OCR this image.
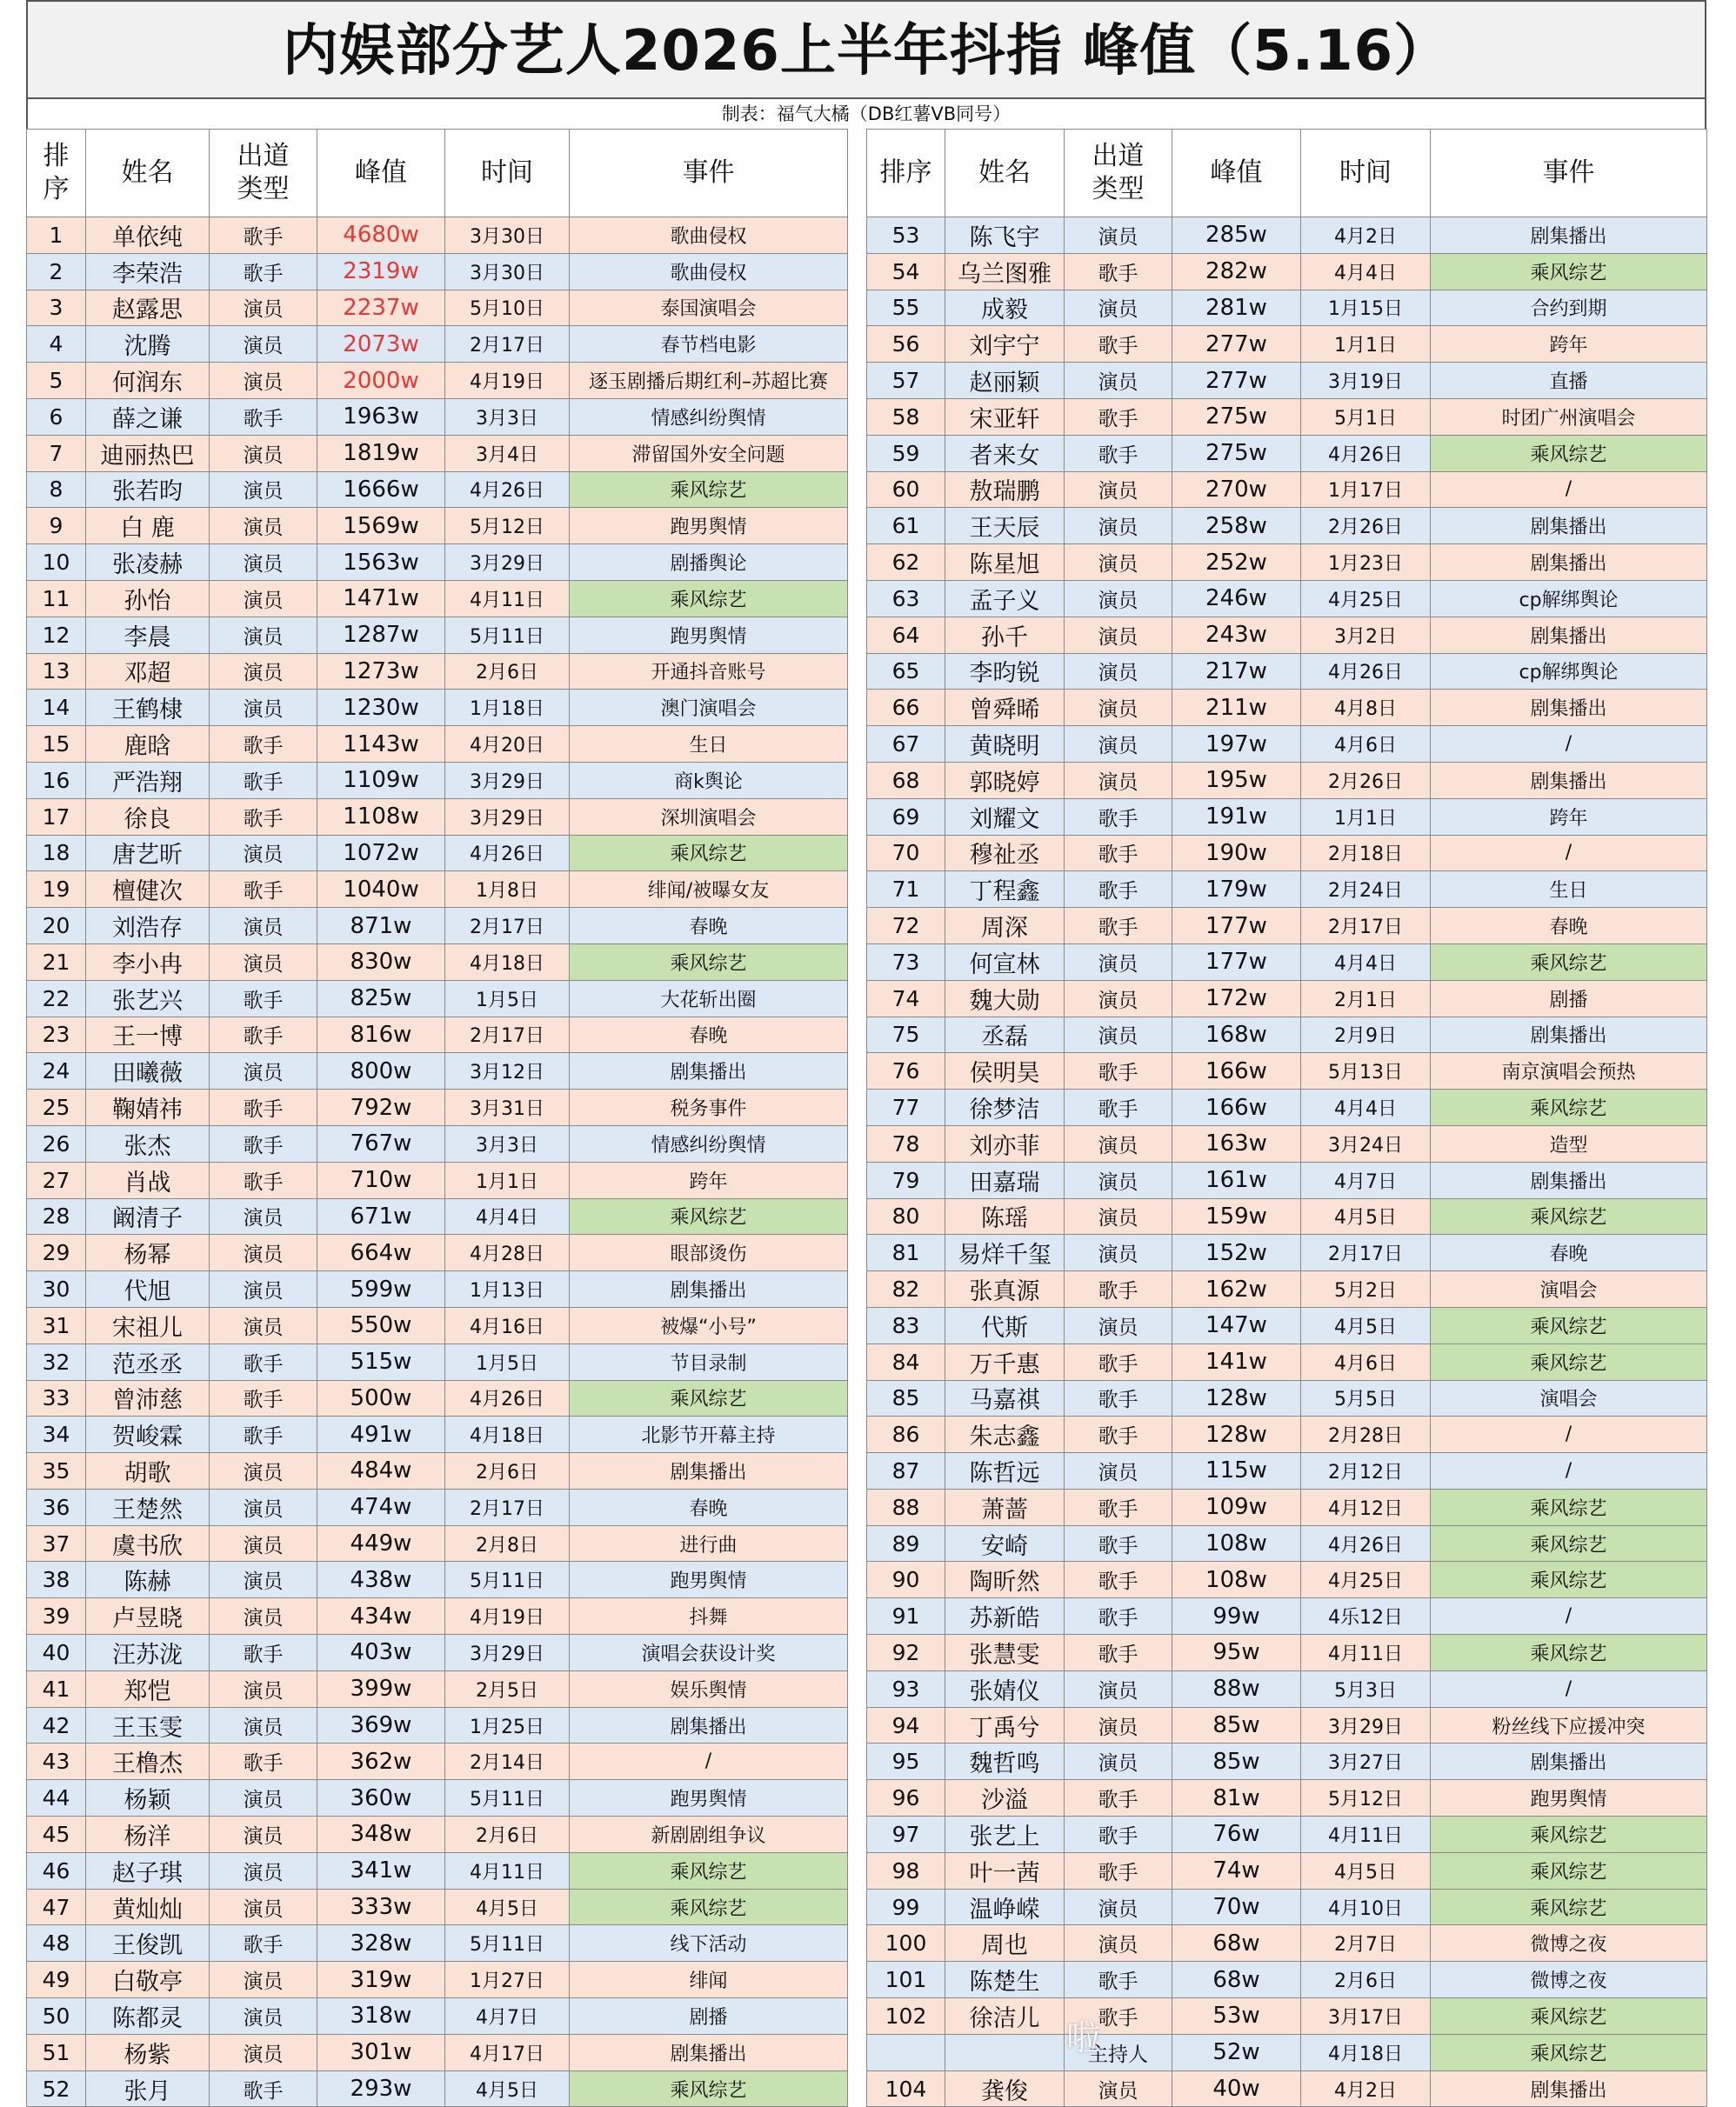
内娱部分艺人2026上半年抖指 峰值（5.16）
制表：福气大橘（DB红薯VB同号）
排
序	姓名	出道
类型	峰值	时间	事件
1	单依纯	歌手	4680w	3月30日	歌曲侵权
2	李荣浩	歌手	2319w	3月30日	歌曲侵权
3	赵露思	演员	2237w	5月10日	泰国演唱会
4	沈腾	演员	2073w	2月17日	春节档电影
5	何润东	演员	2000w	4月19日	逐玉剧播后期红利–苏超比赛
6	薛之谦	歌手	1963w	3月3日	情感纠纷舆情
7	迪丽热巴	演员	1819w	3月4日	滞留国外安全问题
8	张若昀	演员	1666w	4月26日	乘风综艺
9	白 鹿	演员	1569w	5月12日	跑男舆情
10	张凌赫	演员	1563w	3月29日	剧播舆论
11	孙怡	演员	1471w	4月11日	乘风综艺
12	李晨	演员	1287w	5月11日	跑男舆情
13	邓超	演员	1273w	2月6日	开通抖音账号
14	王鹤棣	演员	1230w	1月18日	澳门演唱会
15	鹿晗	歌手	1143w	4月20日	生日
16	严浩翔	歌手	1109w	3月29日	商k舆论
17	徐良	歌手	1108w	3月29日	深圳演唱会
18	唐艺昕	演员	1072w	4月26日	乘风综艺
19	檀健次	歌手	1040w	1月8日	绯闻/被曝女友
20	刘浩存	演员	871w	2月17日	春晚
21	李小冉	演员	830w	4月18日	乘风综艺
22	张艺兴	歌手	825w	1月5日	大花斩出圈
23	王一博	歌手	816w	2月17日	春晚
24	田曦薇	演员	800w	3月12日	剧集播出
25	鞠婧祎	歌手	792w	3月31日	税务事件
26	张杰	歌手	767w	3月3日	情感纠纷舆情
27	肖战	歌手	710w	1月1日	跨年
28	阚清子	演员	671w	4月4日	乘风综艺
29	杨幂	演员	664w	4月28日	眼部烫伤
30	代旭	演员	599w	1月13日	剧集播出
31	宋祖儿	演员	550w	4月16日	被爆“小号”
32	范丞丞	歌手	515w	1月5日	节目录制
33	曾沛慈	歌手	500w	4月26日	乘风综艺
34	贺峻霖	歌手	491w	4月18日	北影节开幕主持
35	胡歌	演员	484w	2月6日	剧集播出
36	王楚然	演员	474w	2月17日	春晚
37	虞书欣	演员	449w	2月8日	进行曲
38	陈赫	演员	438w	5月11日	跑男舆情
39	卢昱晓	演员	434w	4月19日	抖舞
40	汪苏泷	歌手	403w	3月29日	演唱会获设计奖
41	郑恺	演员	399w	2月5日	娱乐舆情
42	王玉雯	演员	369w	1月25日	剧集播出
43	王橹杰	歌手	362w	2月14日	/
44	杨颖	演员	360w	5月11日	跑男舆情
45	杨洋	演员	348w	2月6日	新剧剧组争议
46	赵子琪	演员	341w	4月11日	乘风综艺
47	黄灿灿	演员	333w	4月5日	乘风综艺
48	王俊凯	歌手	328w	5月11日	线下活动
49	白敬亭	演员	319w	1月27日	绯闻
50	陈都灵	演员	318w	4月7日	剧播
51	杨紫	演员	301w	4月17日	剧集播出
52	张月	歌手	293w	4月5日	乘风综艺
排序	姓名	出道
类型	峰值	时间	事件
53	陈飞宇	演员	285w	4月2日	剧集播出
54	乌兰图雅	歌手	282w	4月4日	乘风综艺
55	成毅	演员	281w	1月15日	合约到期
56	刘宇宁	歌手	277w	1月1日	跨年
57	赵丽颖	演员	277w	3月19日	直播
58	宋亚轩	歌手	275w	5月1日	时团广州演唱会
59	者来女	歌手	275w	4月26日	乘风综艺
60	敖瑞鹏	演员	270w	1月17日	/
61	王天辰	演员	258w	2月26日	剧集播出
62	陈星旭	演员	252w	1月23日	剧集播出
63	孟子义	演员	246w	4月25日	cp解绑舆论
64	孙千	演员	243w	3月2日	剧集播出
65	李昀锐	演员	217w	4月26日	cp解绑舆论
66	曾舜晞	演员	211w	4月8日	剧集播出
67	黄晓明	演员	197w	4月6日	/
68	郭晓婷	演员	195w	2月26日	剧集播出
69	刘耀文	歌手	191w	1月1日	跨年
70	穆祉丞	歌手	190w	2月18日	/
71	丁程鑫	歌手	179w	2月24日	生日
72	周深	歌手	177w	2月17日	春晚
73	何宣林	演员	177w	4月4日	乘风综艺
74	魏大勋	演员	172w	2月1日	剧播
75	丞磊	演员	168w	2月9日	剧集播出
76	侯明昊	歌手	166w	5月13日	南京演唱会预热
77	徐梦洁	歌手	166w	4月4日	乘风综艺
78	刘亦菲	演员	163w	3月24日	造型
79	田嘉瑞	演员	161w	4月7日	剧集播出
80	陈瑶	演员	159w	4月5日	乘风综艺
81	易烊千玺	演员	152w	2月17日	春晚
82	张真源	歌手	162w	5月2日	演唱会
83	代斯	演员	147w	4月5日	乘风综艺
84	万千惠	歌手	141w	4月6日	乘风综艺
85	马嘉祺	歌手	128w	5月5日	演唱会
86	朱志鑫	歌手	128w	2月28日	/
87	陈哲远	演员	115w	2月12日	/
88	萧蔷	歌手	109w	4月12日	乘风综艺
89	安崎	歌手	108w	4月26日	乘风综艺
90	陶昕然	歌手	108w	4月25日	乘风综艺
91	苏新皓	歌手	99w	4乐12日	/
92	张慧雯	歌手	95w	4月11日	乘风综艺
93	张婧仪	演员	88w	5月3日	/
94	丁禹兮	演员	85w	3月29日	粉丝线下应援冲突
95	魏哲鸣	演员	85w	3月27日	剧集播出
96	沙溢	歌手	81w	5月12日	跑男舆情
97	张艺上	歌手	76w	4月11日	乘风综艺
98	叶一茜	歌手	74w	4月5日	乘风综艺
99	温峥嵘	演员	70w	4月10日	乘风综艺
100	周也	演员	68w	2月7日	微博之夜
101	陈楚生	歌手	68w	2月6日	微博之夜
102	徐洁儿	歌手	53w	3月17日	乘风综艺
		主持人	52w	4月18日	乘风综艺
104	龚俊	演员	40w	4月2日	剧集播出
啦
